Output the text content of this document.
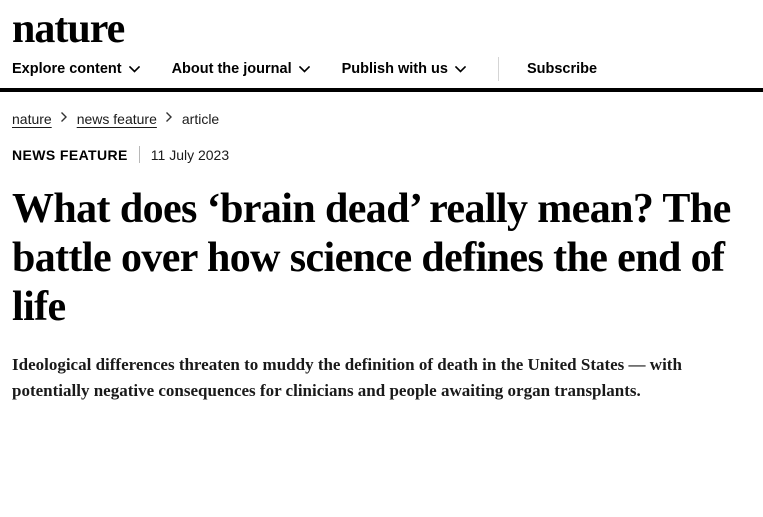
nature
Explore content	About the journal	Publish with us	Subscribe
nature news feature article
NEWS FEATURE 11 July 2023
What does ‘brain dead’ really mean? The battle over how science defines the end of life

Ideological differences threaten to muddy the definition of death in the United States — with potentially negative consequences for clinicians and people awaiting organ transplants.
